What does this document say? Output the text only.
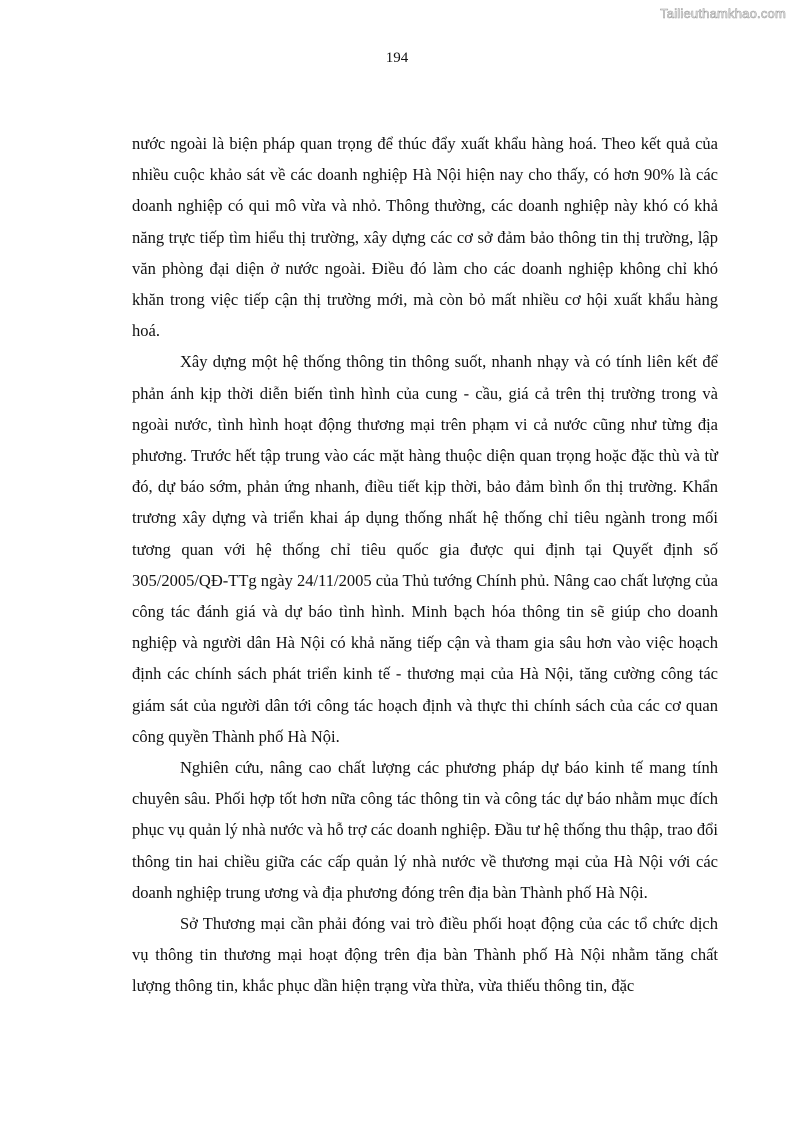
Tailieuthamkhao.com
194

nước ngoài là biện pháp quan trọng để thúc đẩy xuất khẩu hàng hoá. Theo kết quả của nhiều cuộc khảo sát về các doanh nghiệp Hà Nội hiện nay cho thấy, có hơn 90% là các doanh nghiệp có qui mô vừa và nhỏ. Thông thường, các doanh nghiệp này khó có khả năng trực tiếp tìm hiểu thị trường, xây dựng các cơ sở đảm bảo thông tin thị trường, lập văn phòng đại diện ở nước ngoài. Điều đó làm cho các doanh nghiệp không chỉ khó khăn trong việc tiếp cận thị trường mới, mà còn bỏ mất nhiều cơ hội xuất khẩu hàng hoá.

Xây dựng một hệ thống thông tin thông suốt, nhanh nhạy và có tính liên kết để phản ánh kịp thời diễn biến tình hình của cung - cầu, giá cả trên thị trường trong và ngoài nước, tình hình hoạt động thương mại trên phạm vi cả nước cũng như từng địa phương. Trước hết tập trung vào các mặt hàng thuộc diện quan trọng hoặc đặc thù và từ đó, dự báo sớm, phản ứng nhanh, điều tiết kịp thời, bảo đảm bình ổn thị trường. Khẩn trương xây dựng và triển khai áp dụng thống nhất hệ thống chỉ tiêu ngành trong mối tương quan với hệ thống chỉ tiêu quốc gia được qui định tại Quyết định số 305/2005/QĐ-TTg ngày 24/11/2005 của Thủ tướng Chính phủ. Nâng cao chất lượng của công tác đánh giá và dự báo tình hình. Minh bạch hóa thông tin sẽ giúp cho doanh nghiệp và người dân Hà Nội có khả năng tiếp cận và tham gia sâu hơn vào việc hoạch định các chính sách phát triển kinh tế - thương mại của Hà Nội, tăng cường công tác giám sát của người dân tới công tác hoạch định và thực thi chính sách của các cơ quan công quyền Thành phố Hà Nội.

Nghiên cứu, nâng cao chất lượng các phương pháp dự báo kinh tế mang tính chuyên sâu. Phối hợp tốt hơn nữa công tác thông tin và công tác dự báo nhằm mục đích phục vụ quản lý nhà nước và hỗ trợ các doanh nghiệp. Đầu tư hệ thống thu thập, trao đổi thông tin hai chiều giữa các cấp quản lý nhà nước về thương mại của Hà Nội với các doanh nghiệp trung ương và địa phương đóng trên địa bàn Thành phố Hà Nội.

Sở Thương mại cần phải đóng vai trò điều phối hoạt động của các tổ chức dịch vụ thông tin thương mại hoạt động trên địa bàn Thành phố Hà Nội nhằm tăng chất lượng thông tin, khắc phục dần hiện trạng vừa thừa, vừa thiếu thông tin, đặc
